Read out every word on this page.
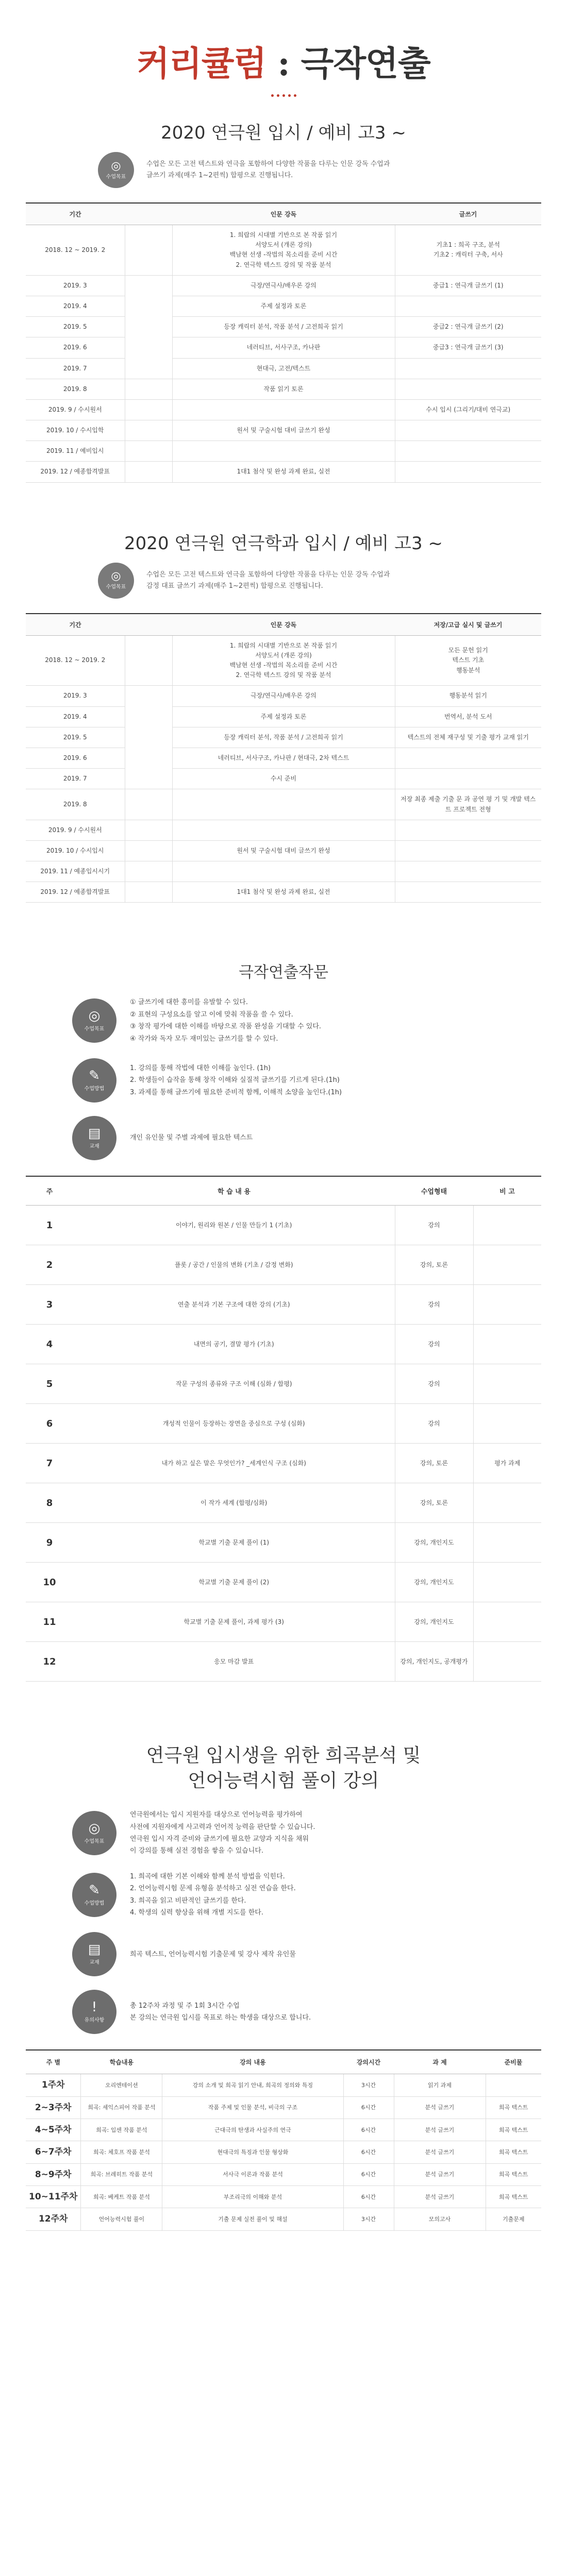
커리큘럼 : 극작연출
2020 연극원 입시 / 예비 고3 ~
◎
수업목표

수업은 모든 고전 텍스트와 연극을 포함하여 다양한 작품을 다루는 인문 강독 수업과

글쓰기 과제(매주 1~2편씩) 합평으로 진행됩니다.

기간		인문 강독	글쓰기
2018. 12 ~ 2019. 2		1. 희랍의 시대별 기반으로 본 작품 읽기
서양도서 (개론 강의)
백남현 선생 -작법의 목소리를 준비 시간
2. 연극학 텍스트 강의 및 작품 분석	기초1 : 희곡 구조, 분석
기초2 : 캐릭터 구축, 서사
2019. 3		극장/연극사/배우론 강의	중급1 : 연극개 글쓰기 (1)
2019. 4		주제 설정과 토론	
2019. 5		등장 캐릭터 분석, 작품 분석 / 고전희곡 읽기	중급2 : 연극개 글쓰기 (2)
2019. 6		네러티브, 서사구조, 카나판	중급3 : 연극개 글쓰기 (3)
2019. 7		현대극, 고전/텍스트	
2019. 8		작품 읽기 토론	
2019. 9 / 수시원서			수시 입시 (그리기/대비 연극교)
2019. 10 / 수시입학		원서 및 구술시험 대비 글쓰기 완성	
2019. 11 / 예비입시			
2019. 12 / 예종합격발표		1대1 첨삭 및 완성 과제 완료, 실전	
2020 연극원 연극학과 입시 / 예비 고3 ~
◎
수업목표

수업은 모든 고전 텍스트와 연극을 포함하여 다양한 작품을 다루는 인문 강독 수업과

감정 대표 글쓰기 과제(매주 1~2편씩) 합평으로 진행됩니다.

기간		인문 강독	저장/고급 실시 및 글쓰기
2018. 12 ~ 2019. 2		1. 희랍의 시대별 기반으로 본 작품 읽기
서양도서 (개론 강의)
백남현 선생 -작법의 목소리를 준비 시간
2. 연극학 텍스트 강의 및 작품 분석	모든 문헌 읽기
텍스트 기초
행동분석
2019. 3		극장/연극사/배우론 강의	행동분석 읽기
2019. 4		주제 설정과 토론	번역서, 분석 도서
2019. 5		등장 캐릭터 분석, 작품 분석 / 고전희곡 읽기	텍스트의 전체 재구성 및 기출 평가 교재 읽기
2019. 6		네러티브, 서사구조, 카나판 / 현대극, 2차 텍스트	
2019. 7		수시 준비	
2019. 8			저장 최종 제출 기출 문 과 공연 평 기 및 개발 텍스트 프로젝트 전형
2019. 9 / 수시원서			
2019. 10 / 수시입시		원서 및 구술시험 대비 글쓰기 완성	
2019. 11 / 예종입시시기			
2019. 12 / 예종합격발표		1대1 첨삭 및 완성 과제 완료, 실전	
극작연출작문
◎
수업목표

① 글쓰기에 대한 흥미를 유발할 수 있다.

② 표현의 구성요소를 알고 이에 맞춰 작품을 쓸 수 있다.

③ 창작 평가에 대한 이해를 바탕으로 작품 완성을 기대할 수 있다.

④ 작가와 독자 모두 재미있는 글쓰기를 할 수 있다.

✎
수업방법

1. 강의를 통해 작법에 대한 이해를 높인다. (1h)

2. 학생들이 습작을 통해 창작 이해와 실질적 글쓰기를 기르게 된다.(1h)

3. 과제를 통해 글쓰기에 필요한 준비적 함께, 이해적 소양을 높인다.(1h)

▤
교재

개인 유인물 및 주별 과제에 필요한 텍스트

주	학 습 내 용	수업형태	비 고
1	이야기, 원리와 원본 / 인물 만들기 1 (기초)	강의	
2	플롯 / 공간 / 인물의 변화 (기초 / 감정 변화)	강의, 토론	
3	연출 분석과 기본 구조에 대한 강의 (기초)	강의	
4	내면의 공기, 결말 평가 (기초)	강의	
5	작문 구성의 종류와 구조 이해 (심화 / 합평)	강의	
6	개성적 인물이 등장하는 장면을 중심으로 구성 (심화)	강의	
7	내가 하고 싶은 말은 무엇인가? _세계인식 구조 (심화)	강의, 토론	평가 과제
8	이 작가 세계 (합평/심화)	강의, 토론	
9	학교별 기출 문제 풀이 (1)	강의, 개인지도	
10	학교별 기출 문제 풀이 (2)	강의, 개인지도	
11	학교별 기출 문제 풀이, 과제 평가 (3)	강의, 개인지도	
12	응모 마감 발표	강의, 개인지도, 공개평가	
연극원 입시생을 위한 희곡분석 및
언어능력시험 풀이 강의
◎
수업목표

연극원에서는 입시 지원자를 대상으로 언어능력을 평가하여

사전에 지원자에게 사고력과 언어적 능력을 판단할 수 있습니다.

연극원 입시 자격 준비와 글쓰기에 필요한 교양과 지식을 채워

이 강의를 통해 실전 경험을 쌓을 수 있습니다.

✎
수업방법

1. 희곡에 대한 기본 이해와 함께 분석 방법을 익힌다.

2. 언어능력시험 문제 유형을 분석하고 실전 연습을 한다.

3. 희곡을 읽고 비판적인 글쓰기를 한다.

4. 학생의 실력 향상을 위해 개별 지도를 한다.

▤
교재

희곡 텍스트, 언어능력시험 기출문제 및 강사 제작 유인물

!
유의사항

총 12주차 과정 및 주 1회 3시간 수업

본 강의는 연극원 입시를 목표로 하는 학생을 대상으로 합니다.

주 별	학습내용	강의 내용	강의시간	과 제	준비물
1주차	오리엔테이션	강의 소개 및 희곡 읽기 안내, 희곡의 정의와 특징	3시간	읽기 과제	
2~3주차	희곡: 셰익스피어 작품 분석	작품 주제 및 인물 분석, 비극의 구조	6시간	분석 글쓰기	희곡 텍스트
4~5주차	희곡: 입센 작품 분석	근대극의 탄생과 사실주의 연극	6시간	분석 글쓰기	희곡 텍스트
6~7주차	희곡: 체호프 작품 분석	현대극의 특징과 인물 형상화	6시간	분석 글쓰기	희곡 텍스트
8~9주차	희곡: 브레히트 작품 분석	서사극 이론과 작품 분석	6시간	분석 글쓰기	희곡 텍스트
10~11주차	희곡: 베케트 작품 분석	부조리극의 이해와 분석	6시간	분석 글쓰기	희곡 텍스트
12주차	언어능력시험 풀이	기출 문제 실전 풀이 및 해설	3시간	모의고사	기출문제
